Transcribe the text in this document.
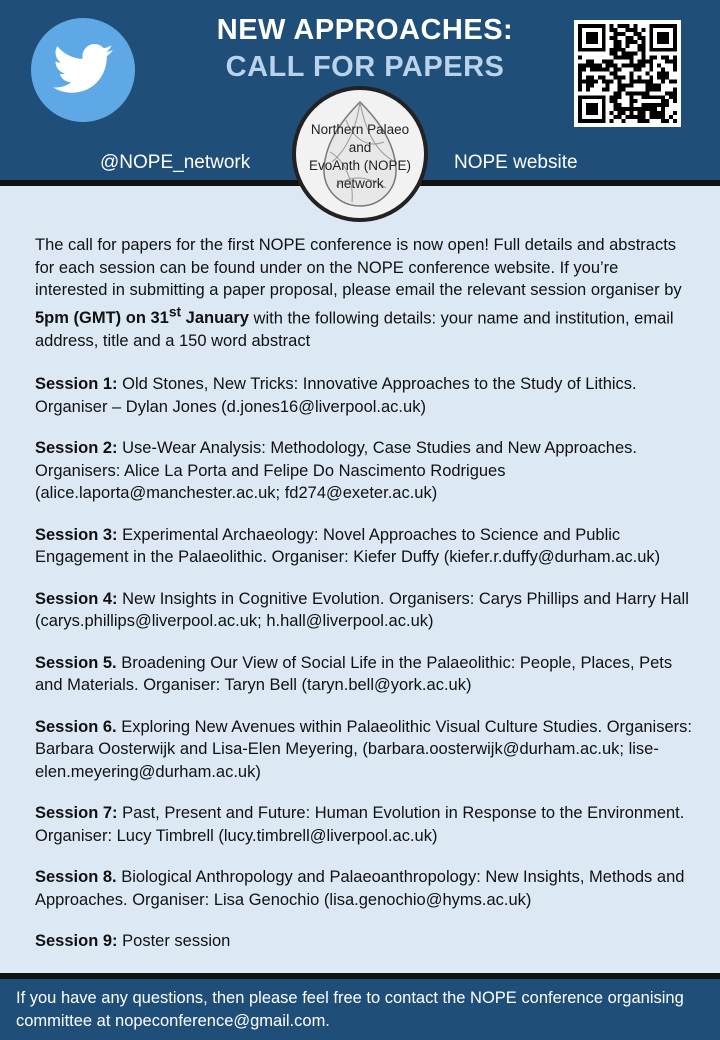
NEW APPROACHES:
CALL FOR PAPERS
@NOPE_network	NOPE website
Northern Palaeo
and
EvoAnth (NOPE)
network

The call for papers for the first NOPE conference is now open! Full details and abstracts for each session can be found under on the NOPE conference website. If you’re interested in submitting a paper proposal, please email the relevant session organiser by 5pm (GMT) on 31st January with the following details: your name and institution, email address, title and a 150 word abstract

Session 1: Old Stones, New Tricks: Innovative Approaches to the Study of Lithics. Organiser – Dylan Jones (d.jones16@liverpool.ac.uk)

Session 2: Use-Wear Analysis: Methodology, Case Studies and New Approaches. Organisers: Alice La Porta and Felipe Do Nascimento Rodrigues (alice.laporta@manchester.ac.uk; fd274@exeter.ac.uk)

Session 3: Experimental Archaeology: Novel Approaches to Science and Public Engagement in the Palaeolithic. Organiser: Kiefer Duffy (kiefer.r.duffy@durham.ac.uk)

Session 4: New Insights in Cognitive Evolution. Organisers: Carys Phillips and Harry Hall (carys.phillips@liverpool.ac.uk; h.hall@liverpool.ac.uk)

Session 5. Broadening Our View of Social Life in the Palaeolithic: People, Places, Pets and Materials. Organiser: Taryn Bell (taryn.bell@york.ac.uk)

Session 6. Exploring New Avenues within Palaeolithic Visual Culture Studies. Organisers: Barbara Oosterwijk and Lisa-Elen Meyering, (barbara.oosterwijk@durham.ac.uk; lise-elen.meyering@durham.ac.uk)

Session 7: Past, Present and Future: Human Evolution in Response to the Environment. Organiser: Lucy Timbrell (lucy.timbrell@liverpool.ac.uk)

Session 8. Biological Anthropology and Palaeoanthropology: New Insights, Methods and Approaches. Organiser: Lisa Genochio (lisa.genochio@hyms.ac.uk)

Session 9: Poster session

If you have any questions, then please feel free to contact the NOPE conference organising committee at nopeconference@gmail.com.
